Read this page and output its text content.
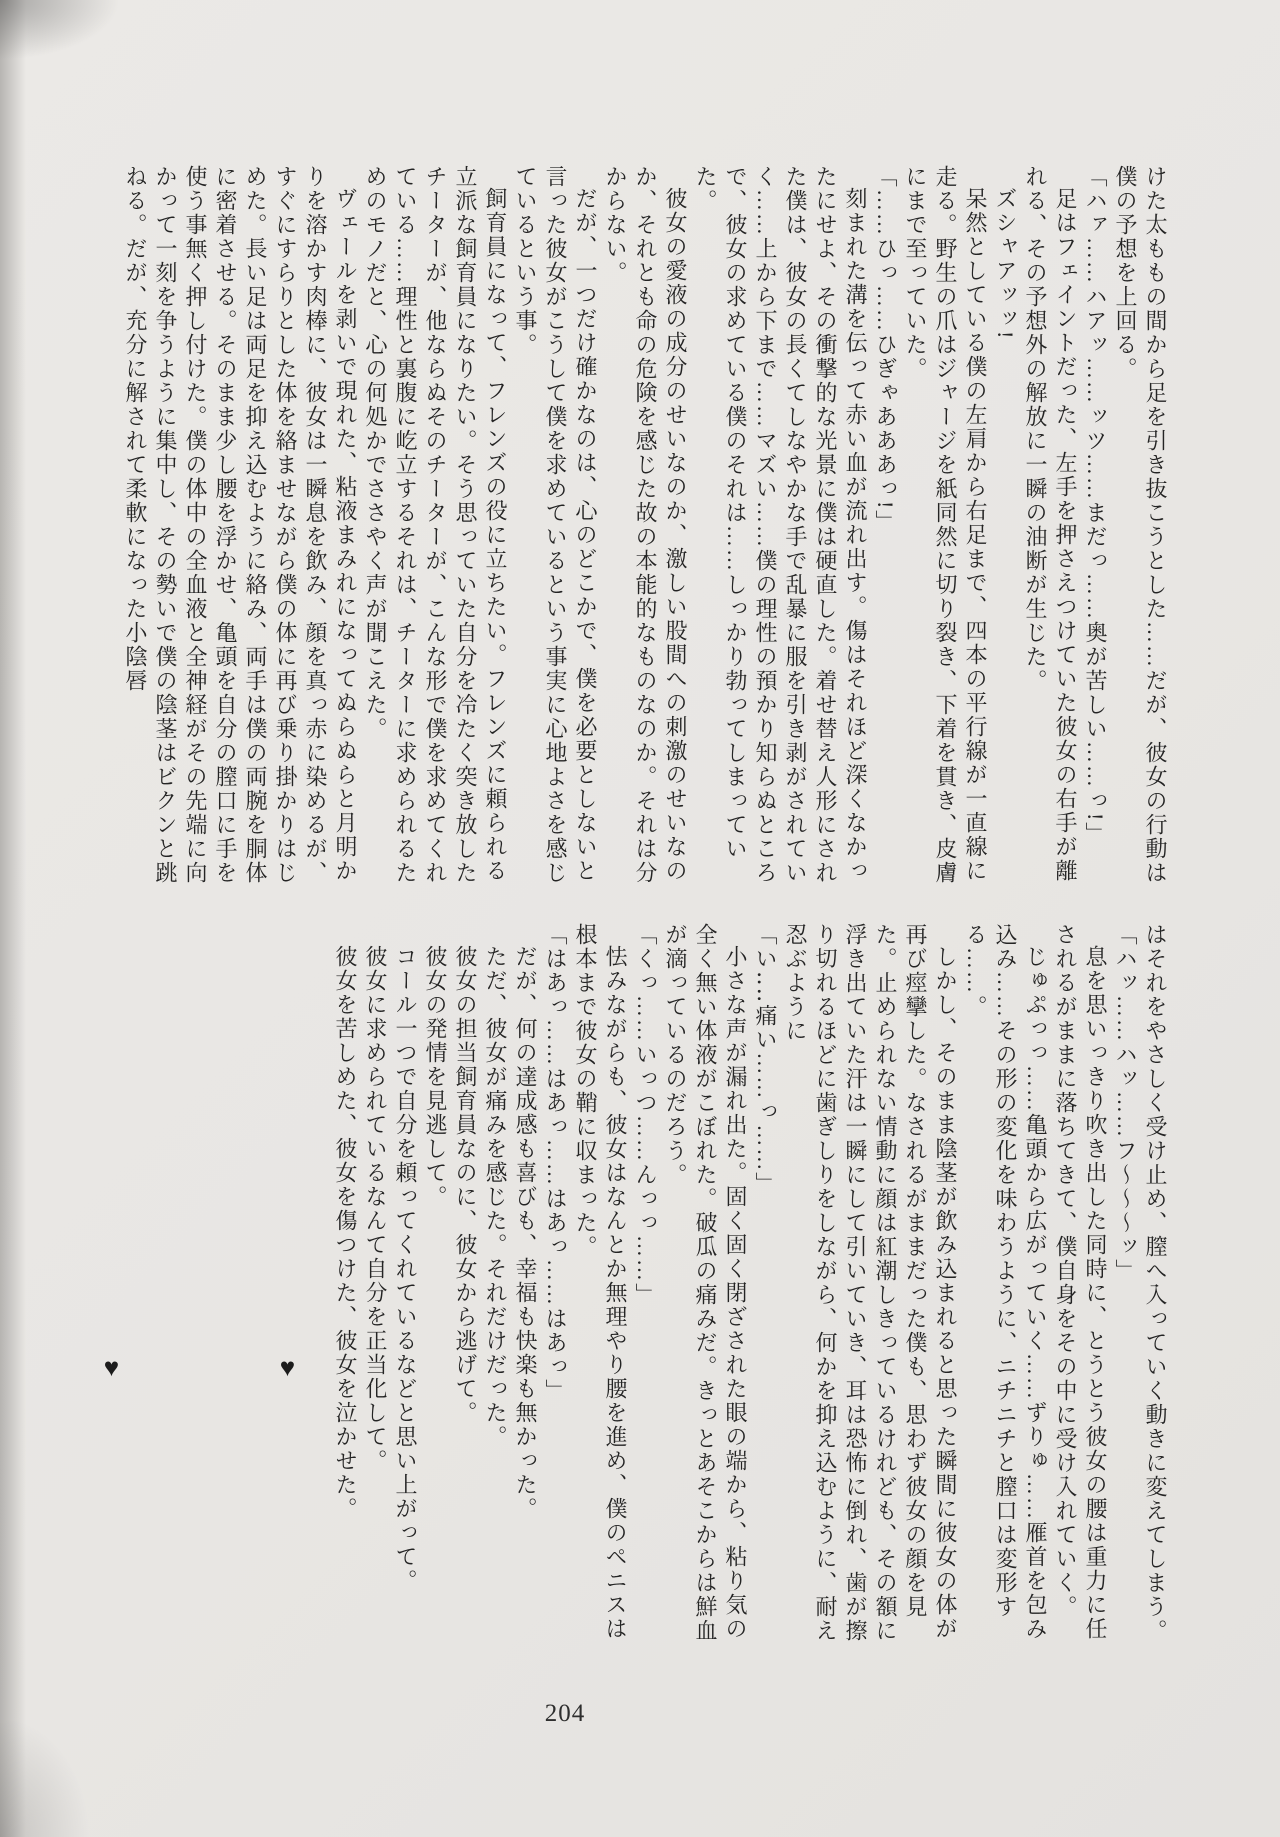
けた太ももの間から足を引き抜こうとした……だが、彼女の行動は僕の予想を上回る。

「ハァ……ハアッ……ッツ……まだっ……奥が苦しい……っ!」

足はフェイントだった、左手を押さえつけていた彼女の右手が離れる、その予想外の解放に一瞬の油断が生じた。

ズシャアッッ!

呆然としている僕の左肩から右足まで、四本の平行線が一直線に走る。野生の爪はジャージを紙同然に切り裂き、下着を貫き、皮膚にまで至っていた。

「……ひっ……ひぎゃあああっ!」

刻まれた溝を伝って赤い血が流れ出す。傷はそれほど深くなかったにせよ、その衝撃的な光景に僕は硬直した。着せ替え人形にされた僕は、彼女の長くてしなやかな手で乱暴に服を引き剥がされていく……上から下まで……マズい……僕の理性の預かり知らぬところで、彼女の求めている僕のそれは……しっかり勃ってしまっていた。

彼女の愛液の成分のせいなのか、激しい股間への刺激のせいなのか、それとも命の危険を感じた故の本能的なものなのか。それは分からない。

だが、一つだけ確かなのは、心のどこかで、僕を必要としないと言った彼女がこうして僕を求めているという事実に心地よさを感じているという事。

飼育員になって、フレンズの役に立ちたい。フレンズに頼られる立派な飼育員になりたい。そう思っていた自分を冷たく突き放したチーターが、他ならぬそのチーターが、こんな形で僕を求めてくれている……理性と裏腹に屹立するそれは、チーターに求められるためのモノだと、心の何処かでささやく声が聞こえた。

ヴェールを剥いで現れた、粘液まみれになってぬらぬらと月明かりを溶かす肉棒に、彼女は一瞬息を飲み、顔を真っ赤に染めるが、すぐにすらりとした体を絡ませながら僕の体に再び乗り掛かりはじめた。長い足は両足を抑え込むように絡み、両手は僕の両腕を胴体に密着させる。そのまま少し腰を浮かせ、亀頭を自分の膣口に手を使う事無く押し付けた。僕の体中の全血液と全神経がその先端に向かって一刻を争うように集中し、その勢いで僕の陰茎はビクンと跳ねる。だが、充分に解されて柔軟になった小陰唇

はそれをやさしく受け止め、膣へ入っていく動きに変えてしまう。

「ハッ……ハッ……フ～～～ッ」

息を思いっきり吹き出した同時に、とうとう彼女の腰は重力に任されるがままに落ちてきて、僕自身をその中に受け入れていく。

じゅぷっっ……亀頭から広がっていく……ずりゅ……雁首を包み込み……その形の変化を味わうように、ニチニチと膣口は変形する……。

しかし、そのまま陰茎が飲み込まれると思った瞬間に彼女の体が再び痙攣した。なされるがままだった僕も、思わず彼女の顔を見た。止められない情動に顔は紅潮しきっているけれども、その額に浮き出ていた汗は一瞬にして引いていき、耳は恐怖に倒れ、歯が擦り切れるほどに歯ぎしりをしながら、何かを抑え込むように、耐え忍ぶように

「い‥‥痛い……っ……」

小さな声が漏れ出た。固く固く閉ざされた眼の端から、粘り気の全く無い体液がこぼれた。破瓜の痛みだ。きっとあそこからは鮮血が滴っているのだろう。

「くっ……いっつ……んっっ……」

怯みながらも、彼女はなんとか無理やり腰を進め、僕のペニスは根本まで彼女の鞘に収まった。

「はあっ……はあっ……はあっ……はあっ」

だが、何の達成感も喜びも、幸福も快楽も無かった。

ただ、彼女が痛みを感じた。それだけだった。

彼女の担当飼育員なのに、彼女から逃げて。

彼女の発情を見逃して。

コール一つで自分を頼ってくれているなどと思い上がって。

彼女に求められているなんて自分を正当化して。

彼女を苦しめた、彼女を傷つけた、彼女を泣かせた。

♥
♥

204
